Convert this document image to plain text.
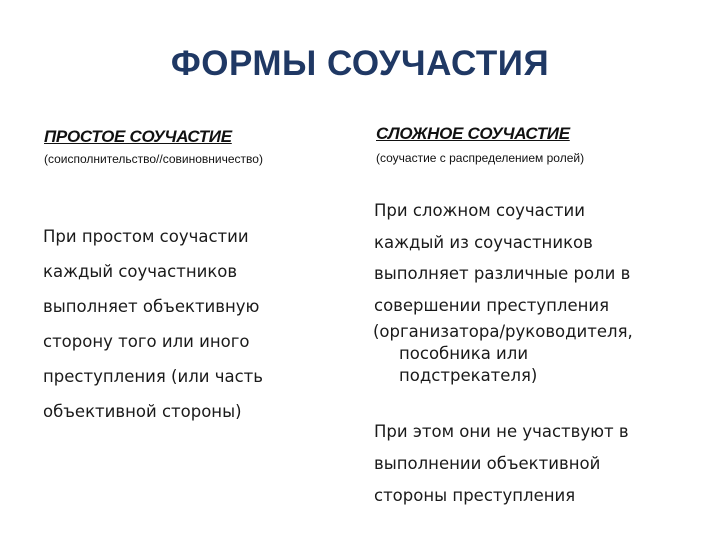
ФОРМЫ СОУЧАСТИЯ
ПРОСТОЕ СОУЧАСТИЕ
(соисполнительство//совиновничество)
При простом соучастии
каждый соучастников
выполняет объективную
сторону того или иного
преступления (или часть
объективной стороны)
СЛОЖНОЕ СОУЧАСТИЕ
(соучастие с распределением ролей)
При сложном соучастии
каждый из соучастников
выполняет различные роли в
совершении преступления
(организатора/руководителя,
пособника или
подстрекателя)
При этом они не участвуют в
выполнении объективной
стороны преступления
